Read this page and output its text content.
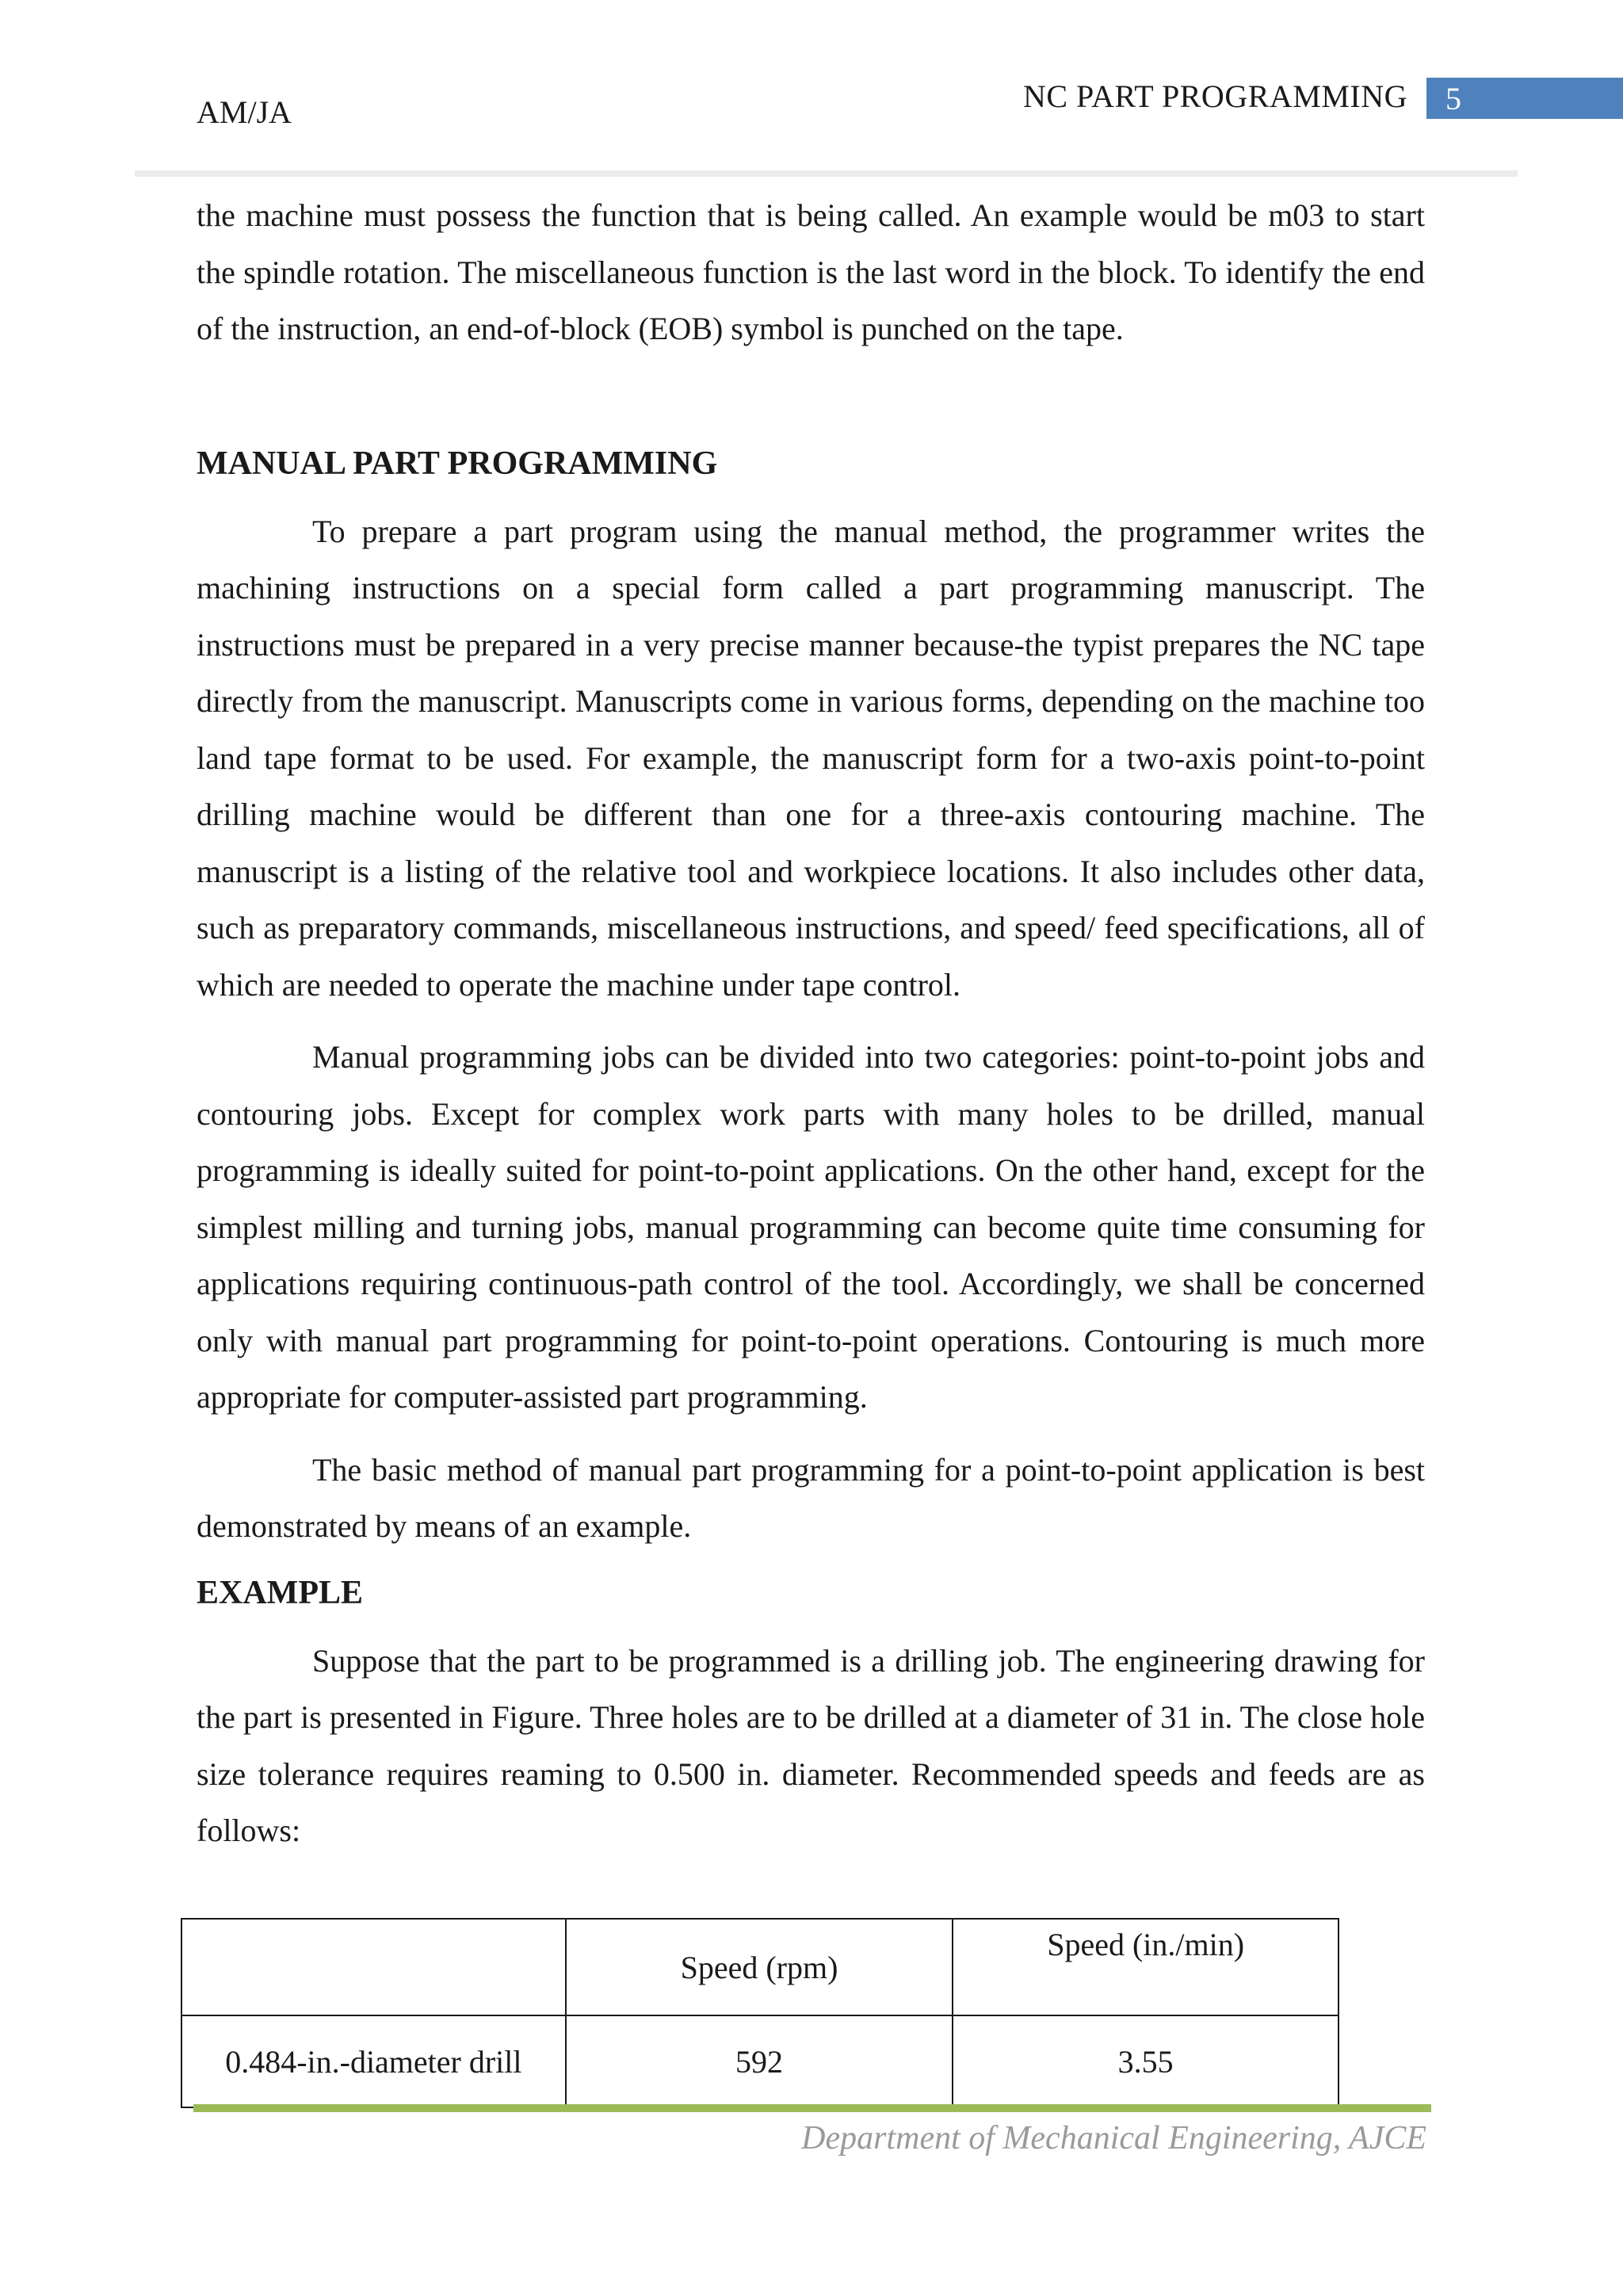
AM/JA	NC PART PROGRAMMING 5

the machine must possess the function that is being called. An example would be m03 to start the spindle rotation. The miscellaneous function is the last word in the block. To identify the end of the instruction, an end-of-block (EOB) symbol is punched on the tape.

MANUAL PART PROGRAMMING

To prepare a part program using the manual method, the programmer writes the machining instructions on a special form called a part programming manuscript. The instructions must be prepared in a very precise manner because-the typist prepares the NC tape directly from the manuscript. Manuscripts come in various forms, depending on the machine too land tape format to be used. For example, the manuscript form for a two-axis point-to-point drilling machine would be different than one for a three-axis contouring machine. The manuscript is a listing of the relative tool and workpiece locations. It also includes other data, such as preparatory commands, miscellaneous instructions, and speed/ feed specifications, all of which are needed to operate the machine under tape control.

Manual programming jobs can be divided into two categories: point-to-point jobs and contouring jobs. Except for complex work parts with many holes to be drilled, manual programming is ideally suited for point-to-point applications. On the other hand, except for the simplest milling and turning jobs, manual programming can become quite time consuming for applications requiring continuous-path control of the tool. Accordingly, we shall be concerned only with manual part programming for point-to-point operations. Contouring is much more appropriate for computer-assisted part programming.

The basic method of manual part programming for a point-to-point application is best demonstrated by means of an example.

EXAMPLE

Suppose that the part to be programmed is a drilling job. The engineering drawing for the part is presented in Figure. Three holes are to be drilled at a diameter of 31 in. The close hole size tolerance requires reaming to 0.500 in. diameter. Recommended speeds and feeds are as follows:

	Speed (rpm)	Speed (in./min)
0.484-in.-diameter drill	592	3.55
Department of Mechanical Engineering, AJCE
